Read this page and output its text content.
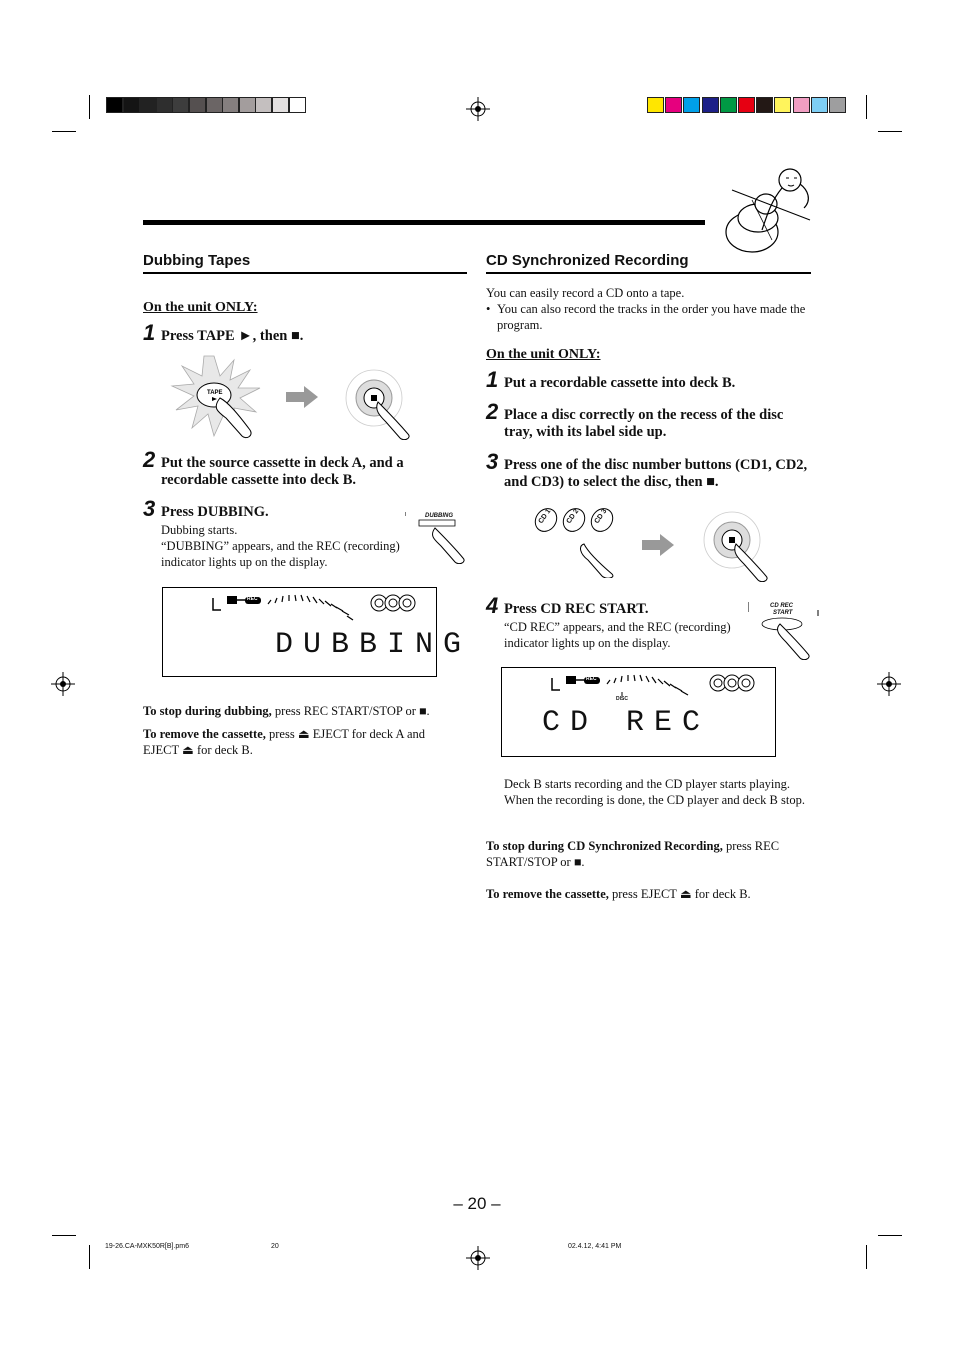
Dubbing Tapes
On the unit ONLY:
1 Press TAPE ►, then ■.
TAPE
2 Put the source cassette in deck A, and a recordable cassette into deck B.
3 Press DUBBING.
Dubbing starts.
“DUBBING” appears, and the REC (recording) indicator lights up on the display.
DUBBING
REC
DUBBING
To stop during dubbing, press REC START/STOP or ■.
To remove the cassette, press ⏏ EJECT for deck A and EJECT ⏏ for deck B.
CD Synchronized Recording
You can easily record a CD onto a tape.
• You can also record the tracks in the order you have made the program.
On the unit ONLY:
1 Put a recordable cassette into deck B.
2 Place a disc correctly on the recess of the disc tray, with its label side up.
3 Press one of the disc number buttons (CD1, CD2, and CD3) to select the disc, then ■.
CD 1 CD 2 CD 3
4 Press CD REC START.
“CD REC” appears, and the REC (recording) indicator lights up on the display.
CD REC
START
REC
DISC
CD REC
Deck B starts recording and the CD player starts playing. When the recording is done, the CD player and deck B stop.
To stop during CD Synchronized Recording, press REC START/STOP or ■.
To remove the cassette, press EJECT ⏏ for deck B.
– 20 –
19-26.CA-MXK50R[B].pm6	20	02.4.12, 4:41 PM
